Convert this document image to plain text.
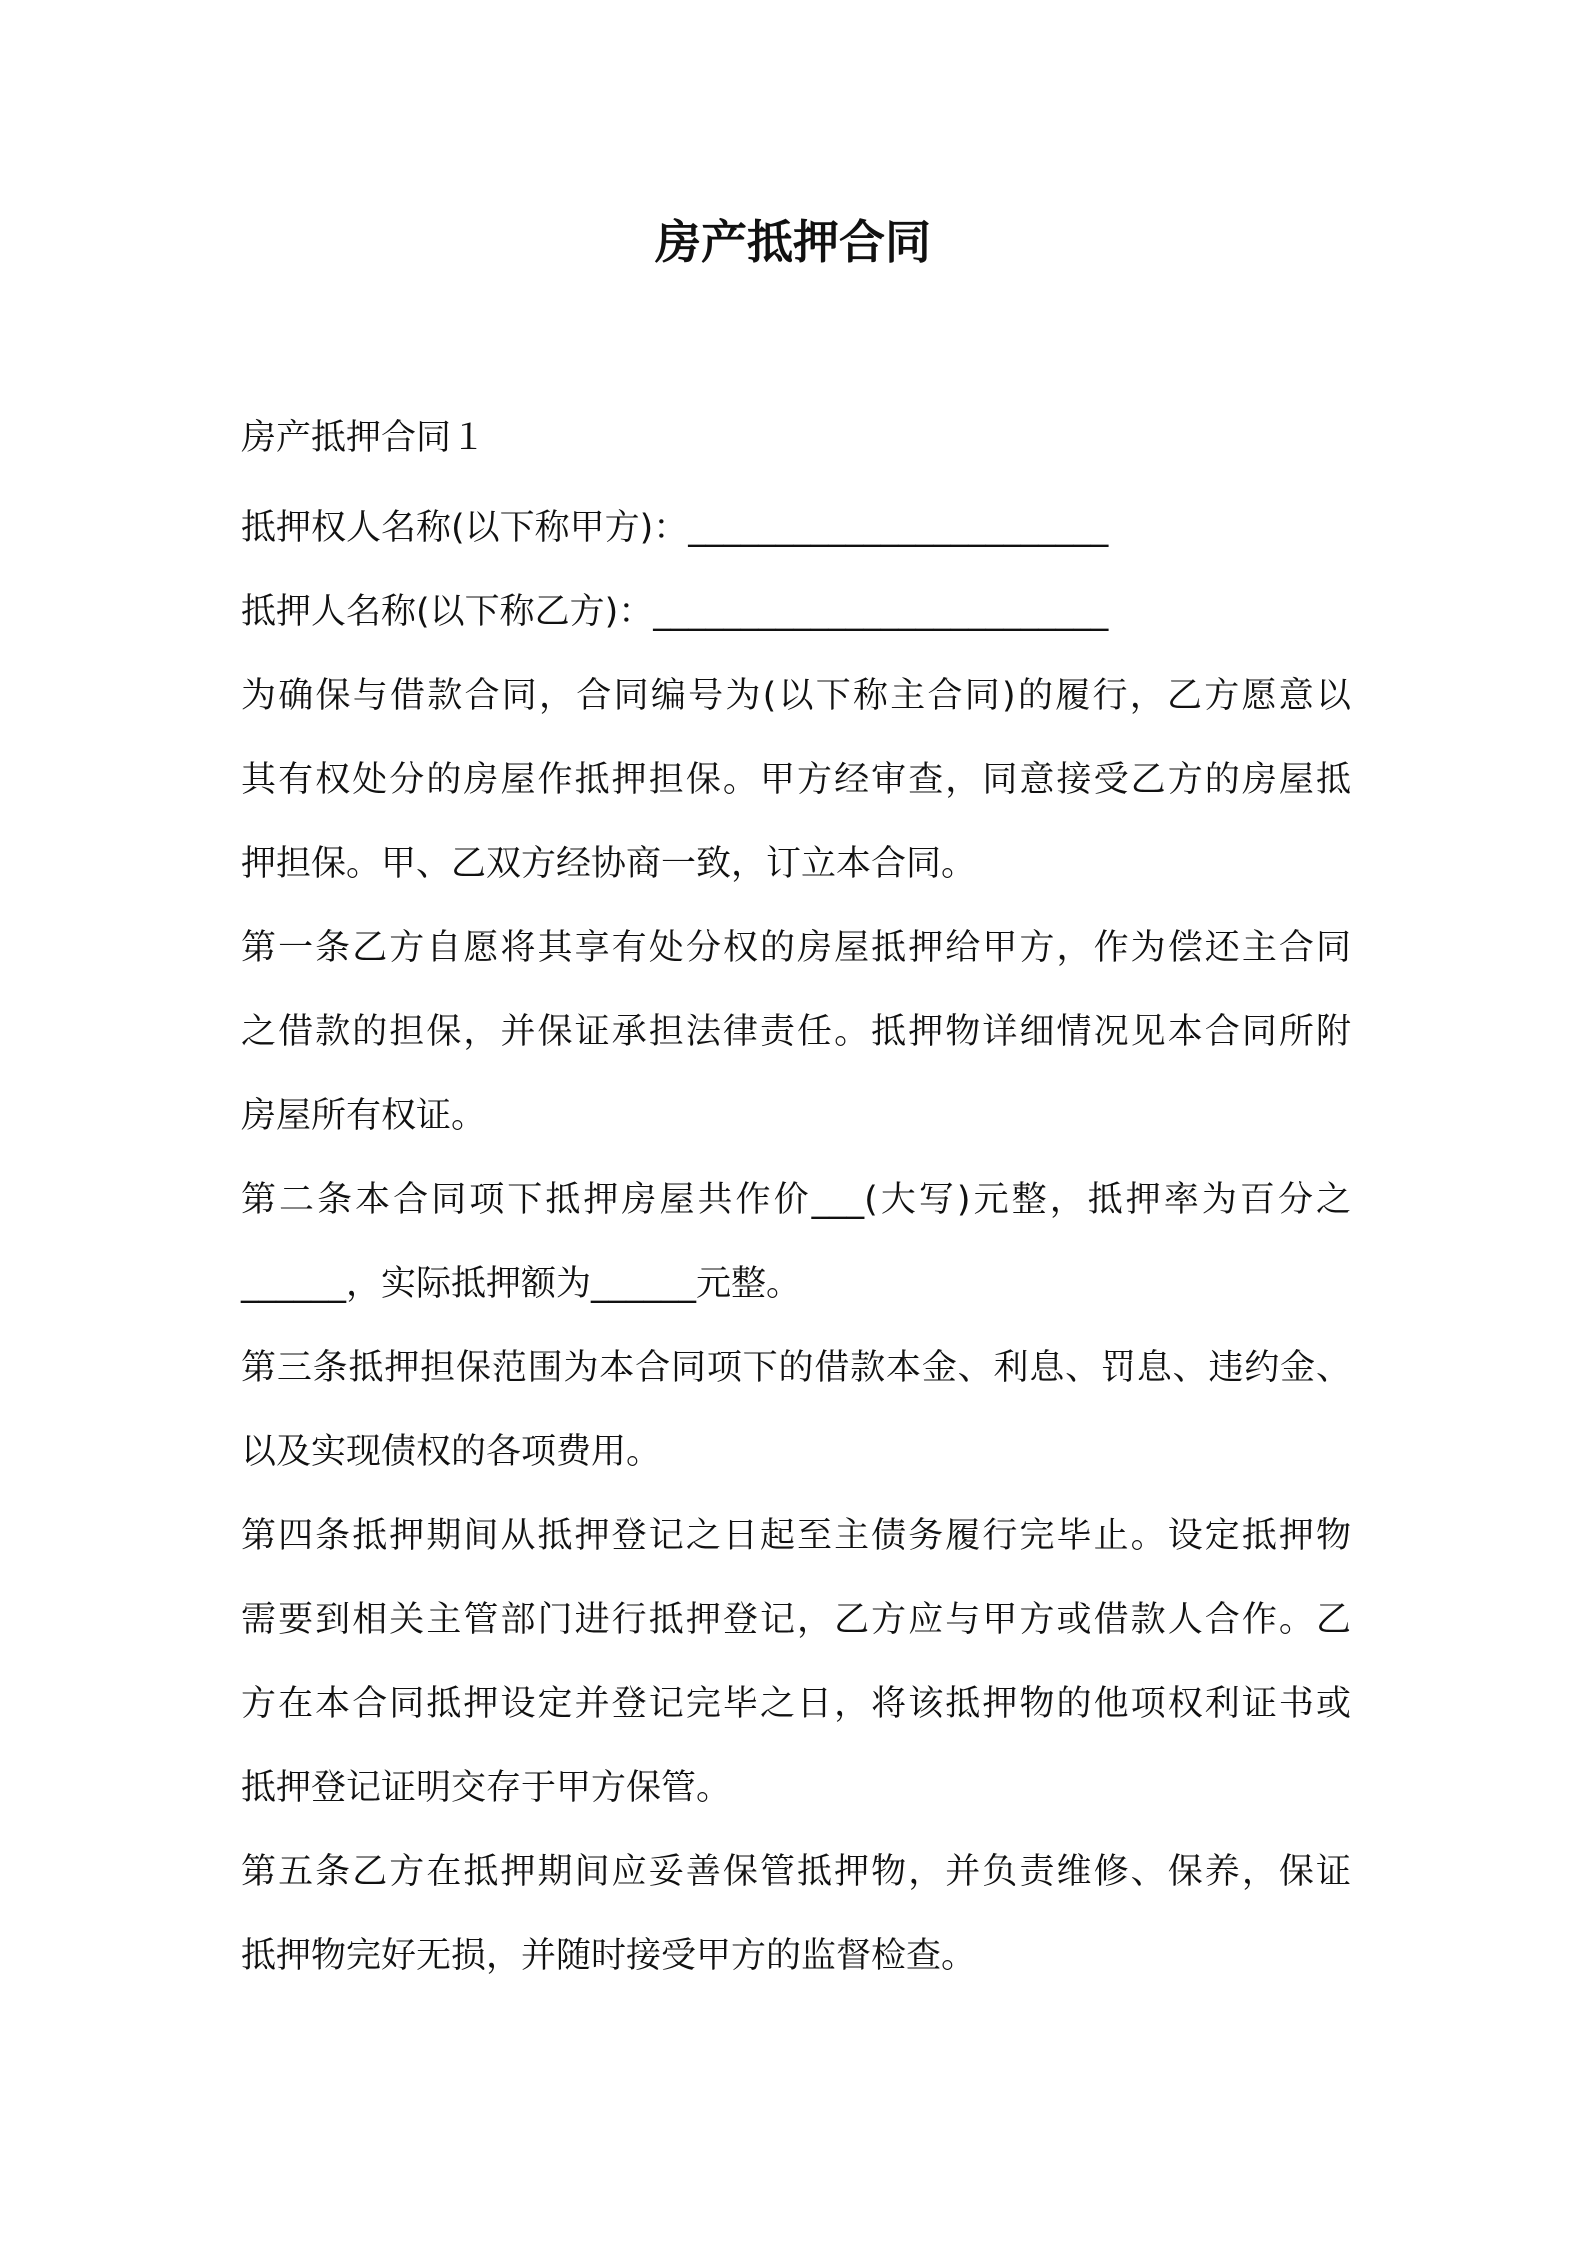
房产抵押合同
房产抵押合同１
抵押权人名称(以下称甲方)：________________________
抵押人名称(以下称乙方)：__________________________
为确保与借款合同，合同编号为(以下称主合同)的履行，乙方愿意以
其有权处分的房屋作抵押担保。甲方经审查，同意接受乙方的房屋抵
押担保。甲、乙双方经协商一致，订立本合同。
第一条乙方自愿将其享有处分权的房屋抵押给甲方，作为偿还主合同
之借款的担保，并保证承担法律责任。抵押物详细情况见本合同所附
房屋所有权证。
第二条本合同项下抵押房屋共作价___(大写)元整，抵押率为百分之
______，实际抵押额为______元整。
第三条抵押担保范围为本合同项下的借款本金、利息、罚息、违约金、
以及实现债权的各项费用。
第四条抵押期间从抵押登记之日起至主债务履行完毕止。设定抵押物
需要到相关主管部门进行抵押登记，乙方应与甲方或借款人合作。乙
方在本合同抵押设定并登记完毕之日，将该抵押物的他项权利证书或
抵押登记证明交存于甲方保管。
第五条乙方在抵押期间应妥善保管抵押物，并负责维修、保养，保证
抵押物完好无损，并随时接受甲方的监督检查。
